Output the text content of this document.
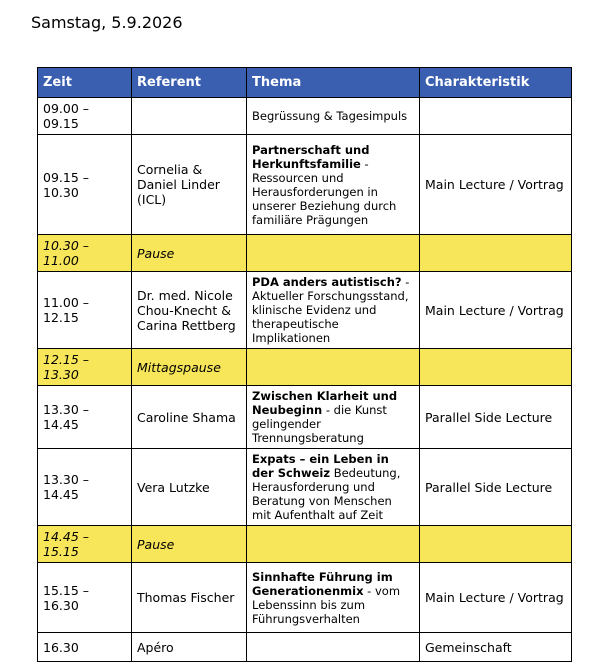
Samstag, 5.9.2026
Zeit	Referent	Thema	Charakteristik
09.00 – 09.15		Begrüssung & Tagesimpuls	
09.15 – 10.30	Cornelia & Daniel Linder (ICL)	Partnerschaft und Herkunftsfamilie - Ressourcen und Herausforderungen in unserer Beziehung durch familiäre Prägungen	Main Lecture / Vortrag
10.30 – 11.00	Pause		
11.00 – 12.15	Dr. med. Nicole Chou-Knecht & Carina Rettberg	PDA anders autistisch? - Aktueller Forschungsstand, klinische Evidenz und therapeutische Implikationen	Main Lecture / Vortrag
12.15 – 13.30	Mittagspause		
13.30 – 14.45	Caroline Shama	Zwischen Klarheit und Neubeginn - die Kunst gelingender Trennungsberatung	Parallel Side Lecture
13.30 – 14.45	Vera Lutzke	Expats – ein Leben in der Schweiz Bedeutung, Herausforderung und Beratung von Menschen mit Aufenthalt auf Zeit	Parallel Side Lecture
14.45 – 15.15	Pause		
15.15 – 16.30	Thomas Fischer	Sinnhafte Führung im Generationenmix - vom Lebenssinn bis zum Führungsverhalten	Main Lecture / Vortrag
16.30	Apéro		Gemeinschaft
